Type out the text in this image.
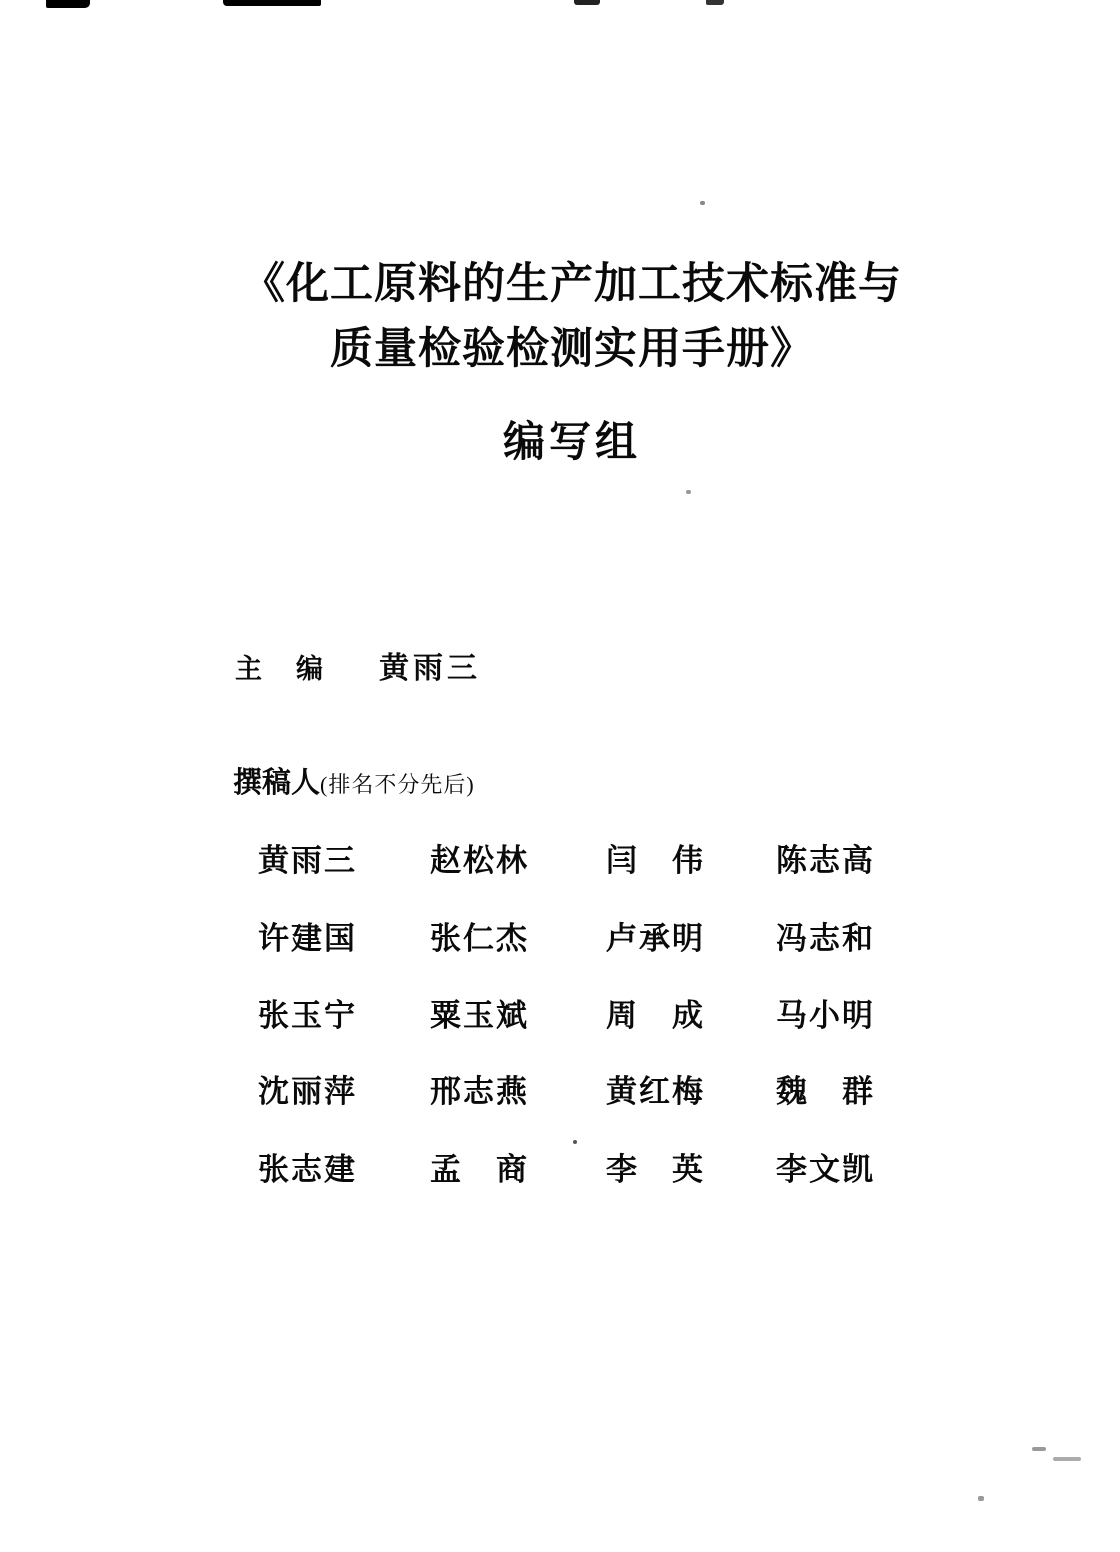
《化工原料的生产加工技术标准与
质量检验检测实用手册》
编写组
主 编 黄雨三
撰稿人(排名不分先后)
黄雨三 赵松林 闫　伟 陈志高
许建国 张仁杰 卢承明 冯志和
张玉宁 粟玉斌 周　成 马小明
沈丽萍 邢志燕 黄红梅 魏　群
张志建 孟　商 李　英 李文凯
